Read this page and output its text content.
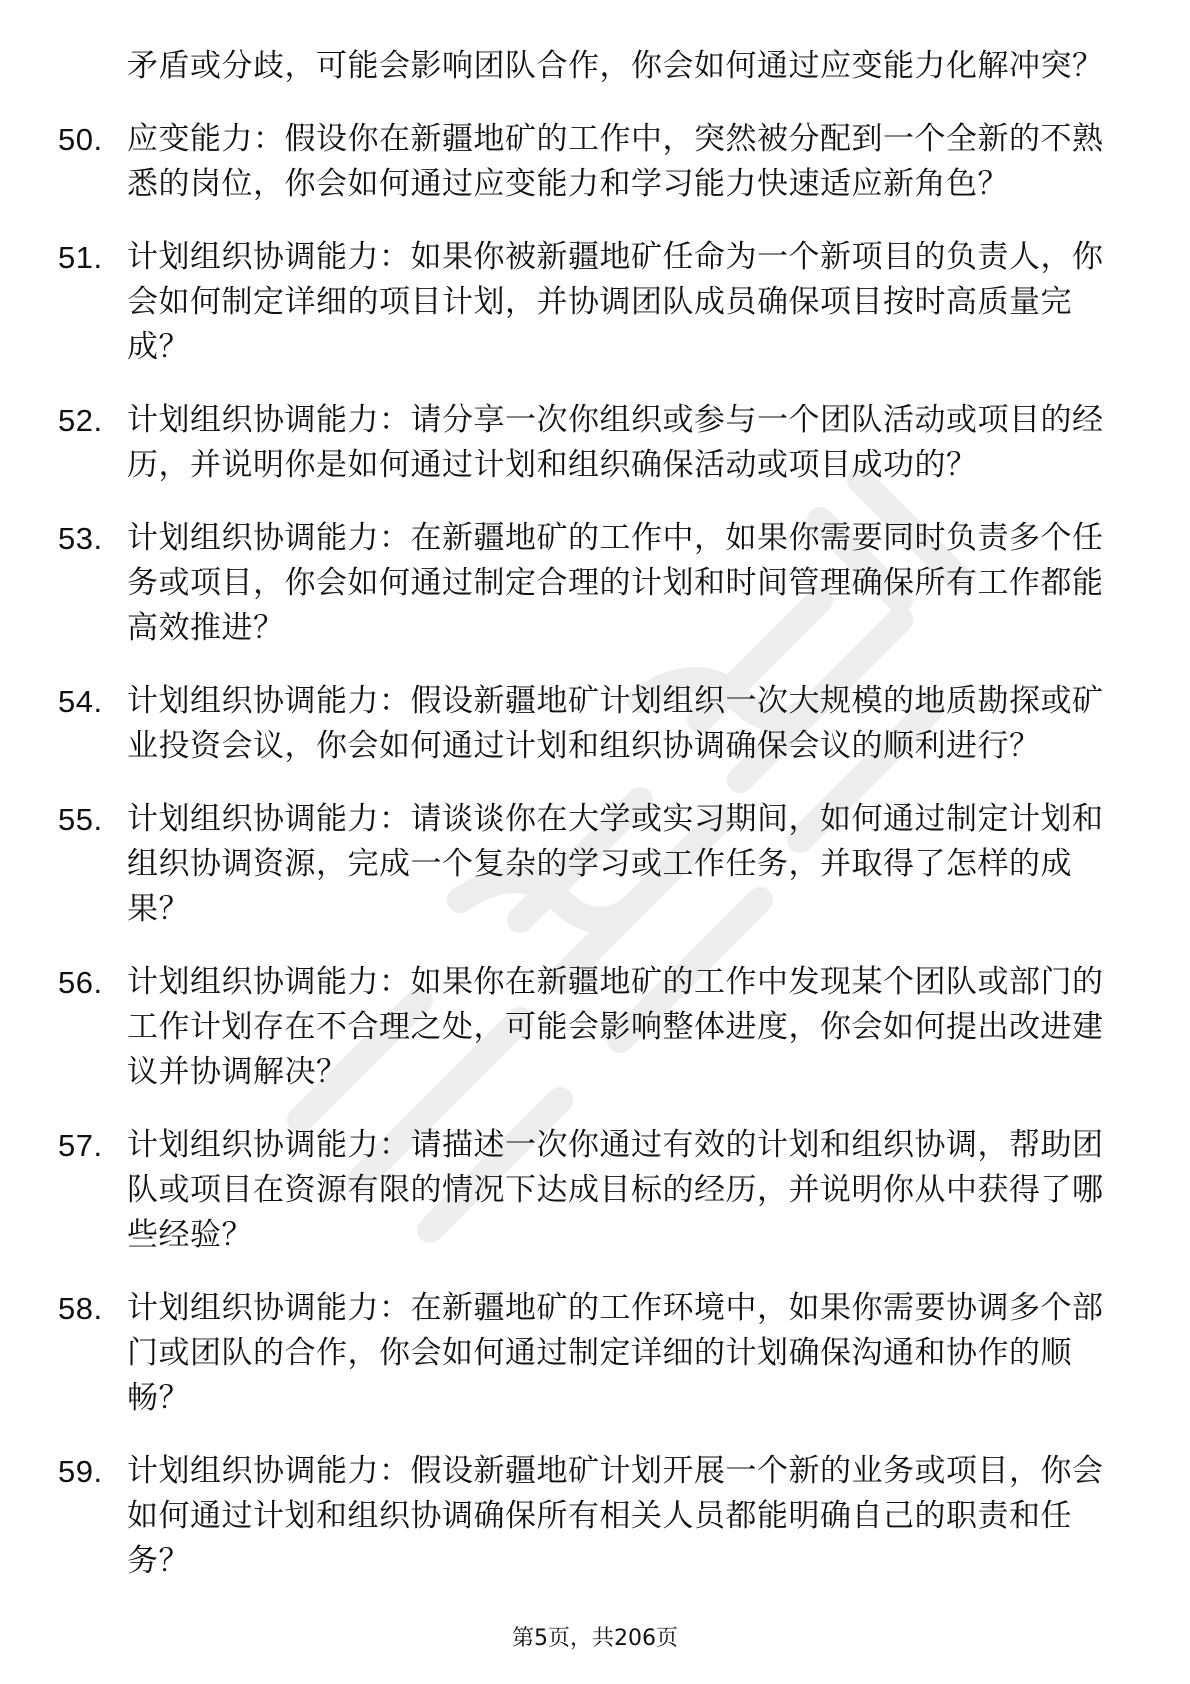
矛盾或分歧，可能会影响团队合作，你会如何通过应变能力化解冲突？
50. 应变能力：假设你在新疆地矿的工作中，突然被分配到一个全新的不熟悉的岗位，你会如何通过应变能力和学习能力快速适应新角色？
51. 计划组织协调能力：如果你被新疆地矿任命为一个新项目的负责人，你会如何制定详细的项目计划，并协调团队成员确保项目按时高质量完成？
52. 计划组织协调能力：请分享一次你组织或参与一个团队活动或项目的经历，并说明你是如何通过计划和组织确保活动或项目成功的？
53. 计划组织协调能力：在新疆地矿的工作中，如果你需要同时负责多个任务或项目，你会如何通过制定合理的计划和时间管理确保所有工作都能高效推进？
54. 计划组织协调能力：假设新疆地矿计划组织一次大规模的地质勘探或矿业投资会议，你会如何通过计划和组织协调确保会议的顺利进行？
55. 计划组织协调能力：请谈谈你在大学或实习期间，如何通过制定计划和组织协调资源，完成一个复杂的学习或工作任务，并取得了怎样的成果？
56. 计划组织协调能力：如果你在新疆地矿的工作中发现某个团队或部门的工作计划存在不合理之处，可能会影响整体进度，你会如何提出改进建议并协调解决？
57. 计划组织协调能力：请描述一次你通过有效的计划和组织协调，帮助团队或项目在资源有限的情况下达成目标的经历，并说明你从中获得了哪些经验？
58. 计划组织协调能力：在新疆地矿的工作环境中，如果你需要协调多个部门或团队的合作，你会如何通过制定详细的计划确保沟通和协作的顺畅？
59. 计划组织协调能力：假设新疆地矿计划开展一个新的业务或项目，你会如何通过计划和组织协调确保所有相关人员都能明确自己的职责和任务？
第5页，共206页
